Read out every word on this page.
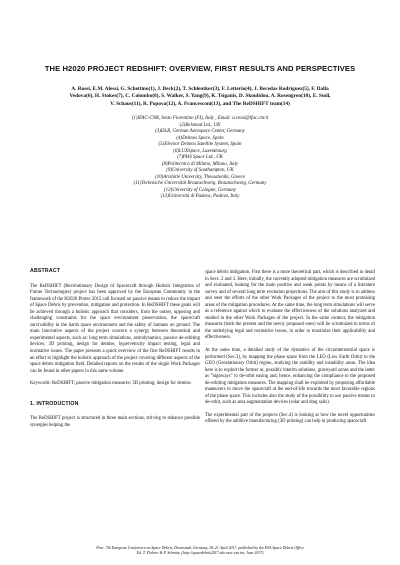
THE H2020 PROJECT REDSHIFT: OVERVIEW, FIRST RESULTS AND PERSPECTIVES
A. Rossi, E.M. Alessi, G. Schettino(1), J. Beck(2), T. Schleutker(3), F. Letterio(4), J. Becedas Rodríguez(5), F. Dalla
Vedova(6), H. Stokes(7), C. Colombo(8), S. Walker, S. Yang(9), K. Tsiganis, D. Skoulidou, A. Rosengren(10), E. Stoll,
V. Schaus(11), R. Popova(12), A. Francesconi(13), and The ReDSHIFT team(14)
(1)IFAC-CNR, Sesto Fiorentino (FI), Italy , Email: a.rossi@ifac.cnr.it
(2)Belstead Ltd., UK
(3)DLR, German Aerospace Center, Germany
(4)Deimos Space, Spain
(5)Elecnor Deimos Satellite System, Spain
(6)LUXSpace, Luxembourg
(7)PHS Space Ltd., UK
(8)Politecnico di Milano, Milano, Italy
(9)University of Southampton, UK
(10)Aristotle University, Thessaloniki, Greece
(11)Technische Universität Braunschweig, Braunschweig, Germany
(12)University of Cologne, Germany
(13)Università di Padova, Padova, Italy
ABSTRACT
The ReDSHIFT (Revolutionary Design of Spacecraft through Holistic Integration of Future Technologies) project has been approved by the European Community in the framework of the H2020 Protec 2015 call focused on passive means to reduce the impact of Space Debris by prevention, mitigation and protection. In ReDSHIFT these goals will be achieved through a holistic approach that considers, from the outset, opposing and challenging constraints for the space environment preservation, the spacecraft survivability in the harsh space environment and the safety of humans on ground. The main innovative aspects of the project concern a synergy between theoretical and experimental aspects, such as: long term simulations, astrodynamics, passive de-orbiting devices, 3D printing, design for demise, hypervelocity impact testing, legal and normative issues. The paper presents a quick overview of the first ReDSHIFT results in an effort to highlight the holistic approach of the project covering different aspects of the space debris mitigation field. Detailed reports on the results of the single Work Packages can be found in other papers in this same volume.
Keywords: ReDSHIFT; passive mitigation measures; 3D printing; design for demise.
1. INTRODUCTION
The ReDSHIFT project is structured in three main sections, striving to enhance possible synergies helping the
space debris mitigation. First there is a more theoretical part, which is described in detail in Secs. 2 and 3. Here, initially, the currently adopted mitigation measures are scrutinized and evaluated, looking for the main positive and weak points by means of a literature survey and of several long term evolution projections. The aim of this study is to address and steer the efforts of the other Work Packages of the project to the most promising areas of the mitigation procedures. At the same time, the long term simulations will serve as a reference against which to evaluate the effectiveness of the solutions analyzed and studied in the other Work Packages of the project. In the same context, the mitigation measures (both the present and the newly proposed ones) will be scrutinized in terms of the underlying legal and normative issues, in order to maximize their applicability and effectiveness.
At the same time, a detailed study of the dynamics of the circumterrestrial space is performed (Sec.3), by mapping the phase space from the LEO (Low Earth Orbit) to the GEO (Geostationary Orbit) region, studying the stability and instability areas. The idea here is to exploit the former as, possibly interim solutions, graveyard zones and the latter as "highways" to de-orbit easing and, hence, enhancing the compliance to the proposed de-orbiting mitigation measures. The mapping shall be exploited by proposing affordable maneuvers to move the spacecraft at the end-of-life towards the most favorable regions of the phase space. This includes also the study of the possibility to use passive means to de-orbit, such as area augmentation devices (solar and drag sails).
The experimental part of the projects (Sec.4) is looking at how the novel opportunities offered by the additive manufacturing (3D printing) can help in producing spacecraft
Proc. 7th European Conference on Space Debris, Darmstadt, Germany, 18–21 April 2017, published by the ESA Space Debris Office
Ed. T. Flohrer & F. Schmitz, (http://spacedebris2017.sdo.esoc.esa.int, June 2017)
